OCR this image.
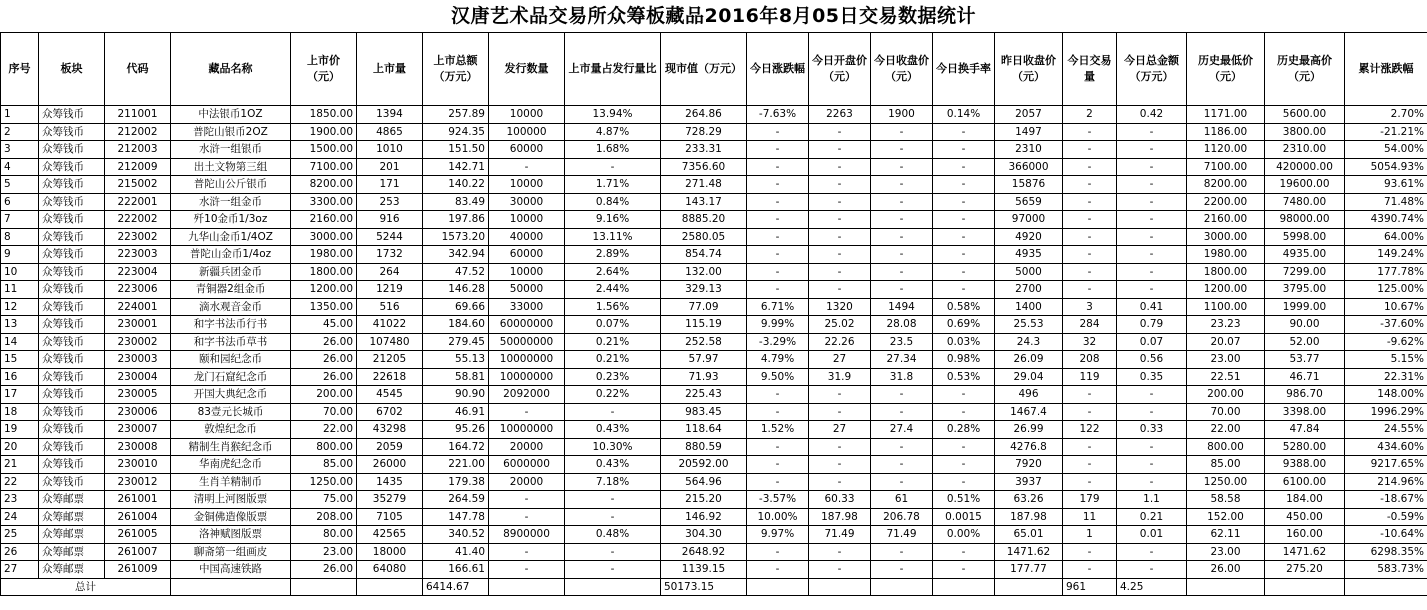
汉唐艺术品交易所众筹板藏品2016年8月05日交易数据统计
序号	板块	代码	藏品名称	上市价（元）	上市量	上市总额（万元）	发行数量	上市量占发行量比	现市值（万元）	今日涨跌幅	今日开盘价（元）	今日收盘价（元）	今日换手率	昨日收盘价（元）	今日交易量	今日总金额（万元）	历史最低价（元）	历史最高价（元）	累计涨跌幅
1	众筹钱币	211001	中法银币1OZ	1850.00	1394	257.89	10000	13.94%	264.86	-7.63%	2263	1900	0.14%	2057	2	0.42	1171.00	5600.00	2.70%
2	众筹钱币	212002	普陀山银币2OZ	1900.00	4865	924.35	100000	4.87%	728.29	-	-	-	-	1497	-	-	1186.00	3800.00	-21.21%
3	众筹钱币	212003	水浒一组银币	1500.00	1010	151.50	60000	1.68%	233.31	-	-	-	-	2310	-	-	1120.00	2310.00	54.00%
4	众筹钱币	212009	出土文物第三组	7100.00	201	142.71	-	-	7356.60	-	-	-	-	366000	-	-	7100.00	420000.00	5054.93%
5	众筹钱币	215002	普陀山公斤银币	8200.00	171	140.22	10000	1.71%	271.48	-	-	-	-	15876	-	-	8200.00	19600.00	93.61%
6	众筹钱币	222001	水浒一组金币	3300.00	253	83.49	30000	0.84%	143.17	-	-	-	-	5659	-	-	2200.00	7480.00	71.48%
7	众筹钱币	222002	歼10金币1/3oz	2160.00	916	197.86	10000	9.16%	8885.20	-	-	-	-	97000	-	-	2160.00	98000.00	4390.74%
8	众筹钱币	223002	九华山金币1/4OZ	3000.00	5244	1573.20	40000	13.11%	2580.05	-	-	-	-	4920	-	-	3000.00	5998.00	64.00%
9	众筹钱币	223003	普陀山金币1/4oz	1980.00	1732	342.94	60000	2.89%	854.74	-	-	-	-	4935	-	-	1980.00	4935.00	149.24%
10	众筹钱币	223004	新疆兵团金币	1800.00	264	47.52	10000	2.64%	132.00	-	-	-	-	5000	-	-	1800.00	7299.00	177.78%
11	众筹钱币	223006	青铜器2组金币	1200.00	1219	146.28	50000	2.44%	329.13	-	-	-	-	2700	-	-	1200.00	3795.00	125.00%
12	众筹钱币	224001	滴水观音金币	1350.00	516	69.66	33000	1.56%	77.09	6.71%	1320	1494	0.58%	1400	3	0.41	1100.00	1999.00	10.67%
13	众筹钱币	230001	和字书法币行书	45.00	41022	184.60	60000000	0.07%	115.19	9.99%	25.02	28.08	0.69%	25.53	284	0.79	23.23	90.00	-37.60%
14	众筹钱币	230002	和字书法币草书	26.00	107480	279.45	50000000	0.21%	252.58	-3.29%	22.26	23.5	0.03%	24.3	32	0.07	20.07	52.00	-9.62%
15	众筹钱币	230003	颐和园纪念币	26.00	21205	55.13	10000000	0.21%	57.97	4.79%	27	27.34	0.98%	26.09	208	0.56	23.00	53.77	5.15%
16	众筹钱币	230004	龙门石窟纪念币	26.00	22618	58.81	10000000	0.23%	71.93	9.50%	31.9	31.8	0.53%	29.04	119	0.35	22.51	46.71	22.31%
17	众筹钱币	230005	开国大典纪念币	200.00	4545	90.90	2092000	0.22%	225.43	-	-	-	-	496	-	-	200.00	986.70	148.00%
18	众筹钱币	230006	83壹元长城币	70.00	6702	46.91	-	-	983.45	-	-	-	-	1467.4	-	-	70.00	3398.00	1996.29%
19	众筹钱币	230007	敦煌纪念币	22.00	43298	95.26	10000000	0.43%	118.64	1.52%	27	27.4	0.28%	26.99	122	0.33	22.00	47.84	24.55%
20	众筹钱币	230008	精制生肖猴纪念币	800.00	2059	164.72	20000	10.30%	880.59	-	-	-	-	4276.8	-	-	800.00	5280.00	434.60%
21	众筹钱币	230010	华南虎纪念币	85.00	26000	221.00	6000000	0.43%	20592.00	-	-	-	-	7920	-	-	85.00	9388.00	9217.65%
22	众筹钱币	230012	生肖羊精制币	1250.00	1435	179.38	20000	7.18%	564.96	-	-	-	-	3937	-	-	1250.00	6100.00	214.96%
23	众筹邮票	261001	清明上河图版票	75.00	35279	264.59	-	-	215.20	-3.57%	60.33	61	0.51%	63.26	179	1.1	58.58	184.00	-18.67%
24	众筹邮票	261004	金铜佛造像版票	208.00	7105	147.78	-	-	146.92	10.00%	187.98	206.78	0.0015	187.98	11	0.21	152.00	450.00	-0.59%
25	众筹邮票	261005	洛神赋图版票	80.00	42565	340.52	8900000	0.48%	304.30	9.97%	71.49	71.49	0.00%	65.01	1	0.01	62.11	160.00	-10.64%
26	众筹邮票	261007	聊斋第一组画皮	23.00	18000	41.40	-	-	2648.92	-	-	-	-	1471.62	-	-	23.00	1471.62	6298.35%
27	众筹邮票	261009	中国高速铁路	26.00	64080	166.61	-	-	1139.15	-	-	-	-	177.77	-	-	26.00	275.20	583.73%
总计						6414.67			50173.15						961	4.25			
